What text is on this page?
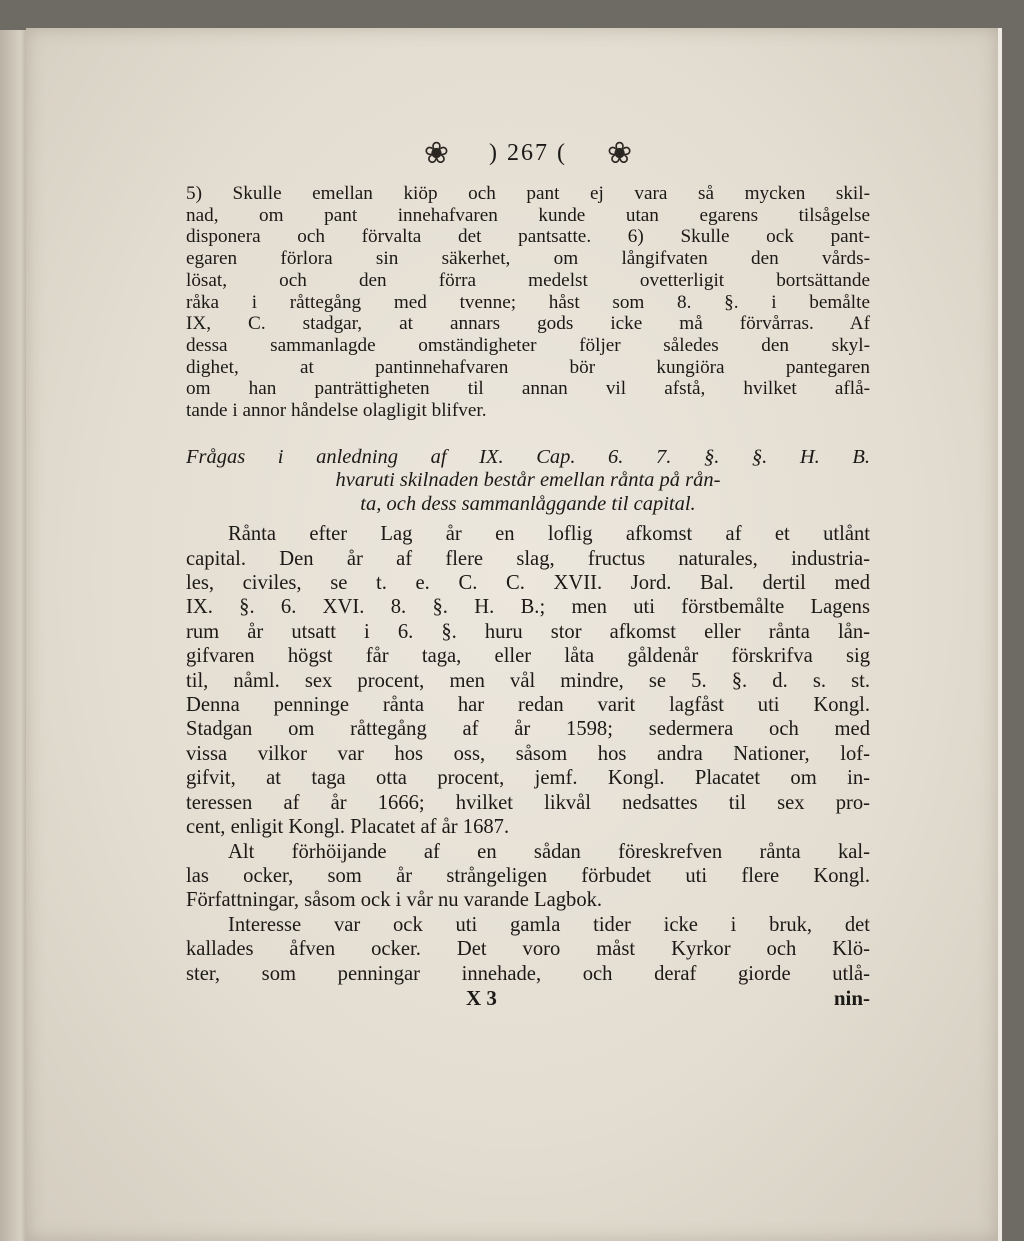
❀ ) 267 ( ❀

5) Skulle emellan kiöp och pant ej vara så mycken skil-
nad, om pant innehafvaren kunde utan egarens tilsågelse
disponera och förvalta det pantsatte. 6) Skulle ock pant-
egaren förlora sin säkerhet, om långifvaten den vårds-
lösat, och den förra medelst ovetterligit bortsättande
råka i råttegång med tvenne; håst som 8. §. i bemålte
IX, C. stadgar, at annars gods icke må förvårras. Af
dessa sammanlagde omständigheter följer således den skyl-
dighet, at pantinnehafvaren bör kungiöra pantegaren
om han panträttigheten til annan vil afstå, hvilket aflå-
tande i annor håndelse olagligit blifver.

Frågas i anledning af IX. Cap. 6. 7. §. §. H. B.
hvaruti skilnaden består emellan rånta på rån-
ta, och dess sammanlåggande til capital.
Rånta efter Lag år en loflig afkomst af et utlånt
capital. Den år af flere slag, fructus naturales, industria-
les, civiles, se t. e. C. C. XVII. Jord. Bal. dertil med
IX. §. 6. XVI. 8. §. H. B.; men uti förstbemålte Lagens
rum år utsatt i 6. §. huru stor afkomst eller rånta lån-
gifvaren högst får taga, eller låta gåldenår förskrifva sig
til, nåml. sex procent, men vål mindre, se 5. §. d. s. st.
Denna penninge rånta har redan varit lagfåst uti Kongl.
Stadgan om råttegång af år 1598; sedermera och med
vissa vilkor var hos oss, såsom hos andra Nationer, lof-
gifvit, at taga otta procent, jemf. Kongl. Placatet om in-
teressen af år 1666; hvilket likvål nedsattes til sex pro-
cent, enligit Kongl. Placatet af år 1687.
Alt förhöijande af en sådan föreskrefven rånta kal-
las ocker, som år strångeligen förbudet uti flere Kongl.
Författningar, såsom ock i vår nu varande Lagbok.
Interesse var ock uti gamla tider icke i bruk, det
kallades åfven ocker. Det voro måst Kyrkor och Klö-
ster, som penningar innehade, och deraf giorde utlå-
X 3	nin-
